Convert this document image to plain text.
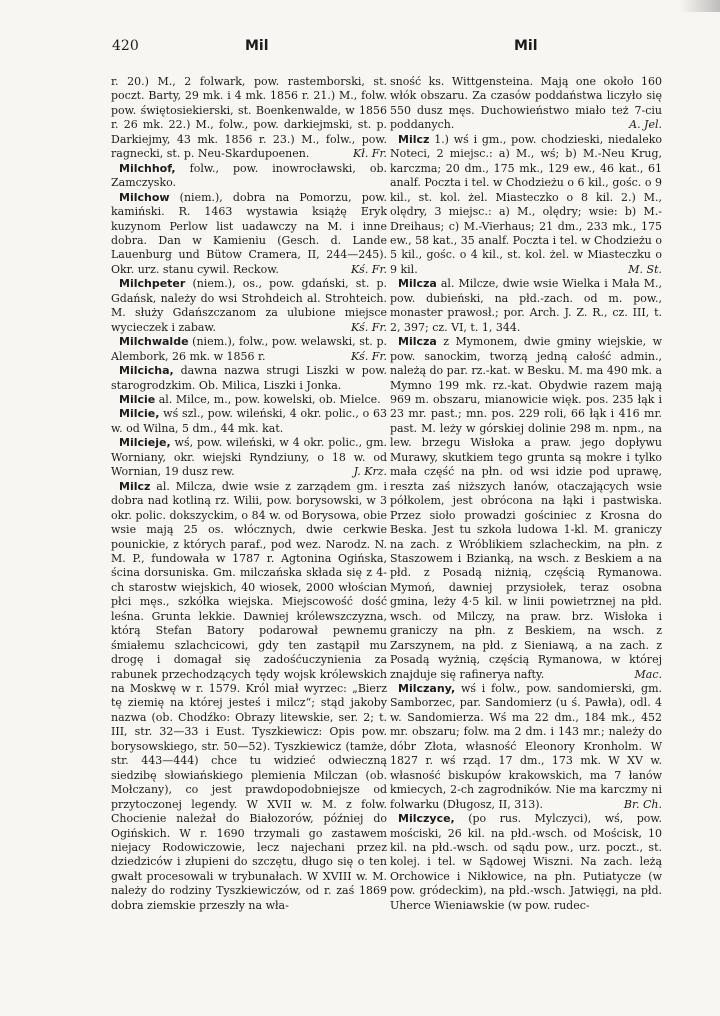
420	Mil	Mil

r. 20.) M., 2 folwark, pow. rastemborski, st. poczt. Barty, 29 mk. i 4 mk. 1856 r. 21.) M., folw. pow. świętosiekierski, st. Boenkenwalde, w 1856 r. 26 mk. 22.) M., folw., pow. darkiejmski, st. p. Darkiejmy, 43 mk. 1856 r. 23.) M., folw., pow. ragnecki, st. p. Neu-Skardupoenen.	Kł. Fr.

Milchhof, folw., pow. inowrocławski, ob. Zamczysko.

Milchow (niem.), dobra na Pomorzu, pow. kamiński. R. 1463 wystawia książę Eryk kuzynom Perlow list uadawczy na M. i inne dobra. Dan w Kamieniu (Gesch. d. Lande Lauenburg und Bütow Cramera, II, 244—245). Okr. urz. stanu cywil. Reckow.	Kś. Fr.

Milchpeter (niem.), os., pow. gdański, st. p. Gdańsk, należy do wsi Strohdeich al. Strohteich. M. służy Gdańszczanom za ulubione miejsce wycieczek i zabaw.	Kś. Fr.

Milchwalde (niem.), folw., pow. welawski, st. p. Alembork, 26 mk. w 1856 r.	Kś. Fr.

Milcicha, dawna nazwa strugi Liszki w pow. starogrodzkim. Ob. Milica, Liszki i Jonka.

Milcie al. Milce, m., pow. kowelski, ob. Mielce.

Milcie, wś szl., pow. wileński, 4 okr. polic., o 63 w. od Wilna, 5 dm., 44 mk. kat.

Milcieje, wś, pow. wileński, w 4 okr. polic., gm. Worniany, okr. wiejski Ryndziuny, o 18 w. od Wornian, 19 dusz rew.	J. Krz.

Milcz al. Milcza, dwie wsie z zarządem gm. i dobra nad kotliną rz. Wilii, pow. borysowski, w 3 okr. polic. dokszyckim, o 84 w. od Borysowa, obie wsie mają 25 os. włócznych, dwie cerkwie pounickie, z których paraf., pod wez. Narodz. N. M. P., fundowała w 1787 r. Agtonina Ogińska, ścina dorsuniska. Gm. milczańska składa się z 4-ch starostw wiejskich, 40 wiosek, 2000 włościan płci męs., szkółka wiejska. Miejscowość dość leśna. Grunta lekkie. Dawniej królewszczyzna, którą Stefan Batory podarował pewnemu śmiałemu szlachcicowi, gdy ten zastąpił mu drogę i domagał się zadośćuczynienia za rabunek przechodzących tędy wojsk królewskich na Moskwę w r. 1579. Król miał wyrzec: „Bierz tę ziemię na której jesteś i milcz“; stąd jakoby nazwa (ob. Chodźko: Obrazy litewskie, ser. 2; t. III, str. 32—33 i Eust. Tyszkiewicz: Opis pow. borysowskiego, str. 50—52). Tyszkiewicz (tamże, str. 443—444) chce tu widzieć odwieczną siedzibę słowiańskiego plemienia Milczan (ob. Mołczany), co jest prawdopodobniejsze od przytoczonej legendy. W XVII w. M. z folw. Chocienie należał do Białozorów, później do Ogińskich. W r. 1690 trzymali go zastawem niejacy Rodowiczowie, lecz najechani przez dziedziców i złupieni do szczętu, długo się o ten gwałt procesowali w trybunałach. W XVIII w. M. należy do rodziny Tyszkiewiczów, od r. zaś 1869 dobra ziemskie przeszły na wła-

sność ks. Wittgensteina. Mają one około 160 włók obszaru. Za czasów poddaństwa liczyło się 550 dusz męs. Duchowieństwo miało też 7-ciu poddanych.	A. Jel.

Milcz 1.) wś i gm., pow. chodzieski, niedaleko Noteci, 2 miejsc.: a) M., wś; b) M.-Neu Krug, karczma; 20 dm., 175 mk., 129 ew., 46 kat., 61 analf. Poczta i tel. w Chodzieżu o 6 kil., gośc. o 9 kil., st. kol. żel. Miasteczko o 8 kil. 2.) M., olędry, 3 miejsc.: a) M., olędry; wsie: b) M.-Dreihaus; c) M.-Vierhaus; 21 dm., 233 mk., 175 ew., 58 kat., 35 analf. Poczta i tel. w Chodzieżu o 5 kil., gośc. o 4 kil., st. kol. żel. w Miasteczku o 9 kil.	M. St.

Milcza al. Milcze, dwie wsie Wielka i Mała M., pow. dubieński, na płd.-zach. od m. pow., monaster prawosł.; por. Arch. J. Z. R., cz. III, t. 2, 397; cz. VI, t. 1, 344.

Milcza z Mymonem, dwie gminy wiejskie, w pow. sanockim, tworzą jedną całość admin., należą do par. rz.-kat. w Besku. M. ma 490 mk. a Mymno 199 mk. rz.-kat. Obydwie razem mają 969 m. obszaru, mianowicie więk. pos. 235 łąk i 23 mr. past.; mn. pos. 229 roli, 66 łąk i 416 mr. past. M. leży w górskiej dolinie 298 m. npm., na lew. brzegu Wisłoka a praw. jego dopływu Murawy, skutkiem tego grunta są mokre i tylko mała część na płn. od wsi idzie pod uprawę, reszta zaś niższych łanów, otaczających wsie półkolem, jest obrócona na łąki i pastwiska. Przez sioło prowadzi gościniec z Krosna do Beska. Jest tu szkoła ludowa 1-kl. M. graniczy na zach. z Wróblikiem szlacheckim, na płn. z Staszowem i Bzianką, na wsch. z Beskiem a na płd. z Posadą niżnią, częścią Rymanowa. Mymoń, dawniej przysiołek, teraz osobna gmina, leży 4·5 kil. w linii powietrznej na płd. wsch. od Milczy, na praw. brz. Wisłoka i graniczy na płn. z Beskiem, na wsch. z Zarszynem, na płd. z Sieniawą, a na zach. z Posadą wyżnią, częścią Rymanowa, w której znajduje się rafinerya nafty.	Mac.

Milczany, wś i folw., pow. sandomierski, gm. Samborzec, par. Sandomierz (u ś. Pawła), odl. 4 w. Sandomierza. Wś ma 22 dm., 184 mk., 452 mr. obszaru; folw. ma 2 dm. i 143 mr.; należy do dóbr Złota, własność Eleonory Kronholm. W 1827 r. wś rząd. 17 dm., 173 mk. W XV w. własność biskupów krakowskich, ma 7 łanów kmiecych, 2-ch zagrodników. Nie ma karczmy ni folwarku (Długosz, II, 313).	Br. Ch.

Milczyce, (po rus. Mylczyci), wś, pow. mościski, 26 kil. na płd.-wsch. od Mościsk, 10 kil. na płd.-wsch. od sądu pow., urz. poczt., st. kolej. i tel. w Sądowej Wiszni. Na zach. leżą Orchowice i Nikłowice, na płn. Putiatycze (w pow. gródeckim), na płd.-wsch. Jatwięgi, na płd. Uherce Wieniawskie (w pow. rudec-
